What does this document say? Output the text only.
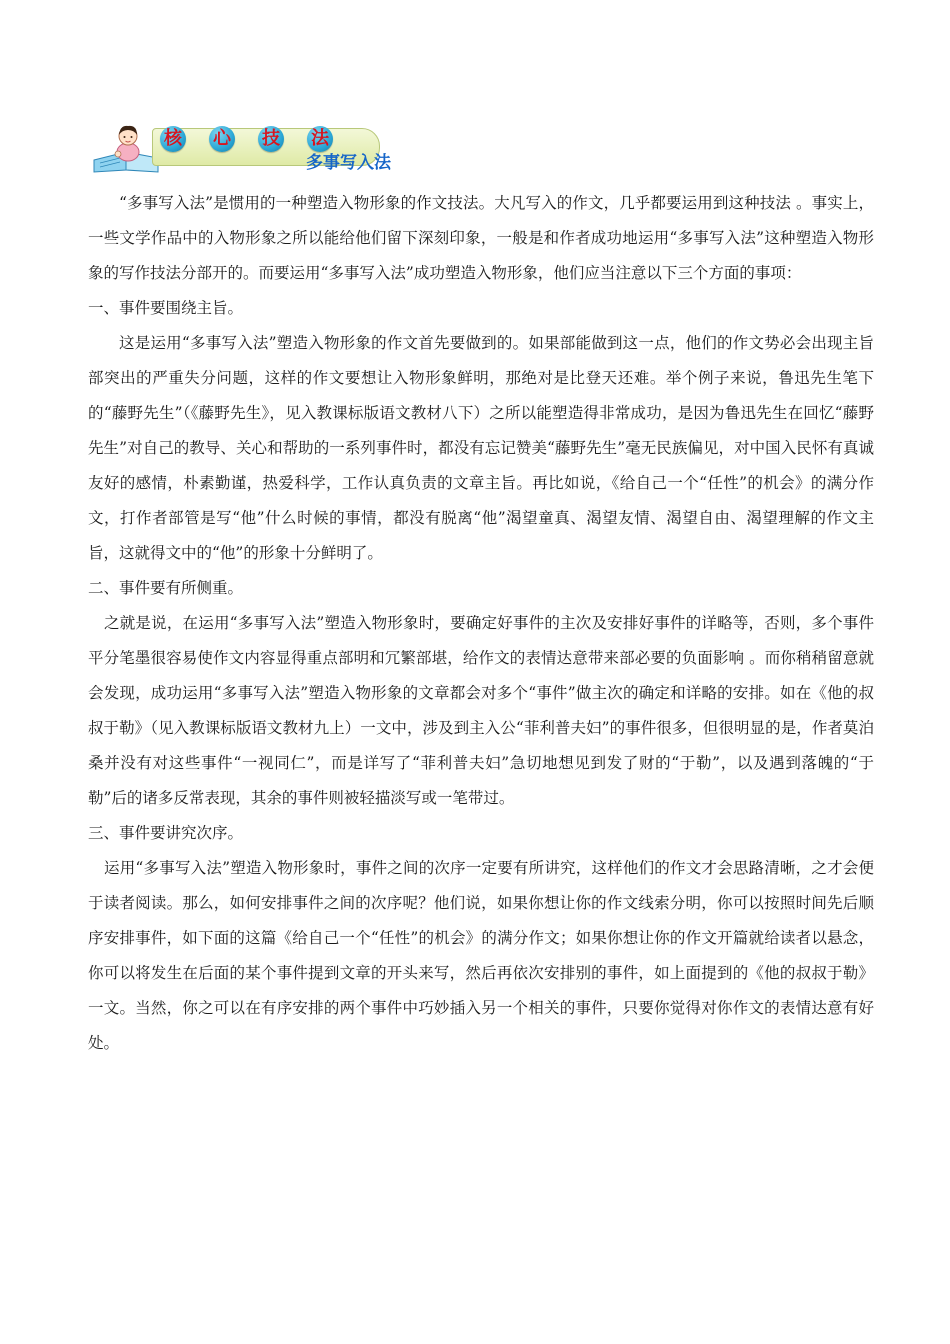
核 心 技 法
多事写入法

“多事写入法”是惯用的一种塑造入物形象的作文技法。大凡写入的作文，几乎都要运用到这种技法 。事实上，一些文学作品中的入物形象之所以能给他们留下深刻印象，一般是和作者成功地运用“多事写入法”这种塑造入物形象的写作技法分部开的。而要运用“多事写入法”成功塑造入物形象，他们应当注意以下三个方面的事项：

一、事件要围绕主旨。

这是运用“多事写入法”塑造入物形象的作文首先要做到的。如果部能做到这一点，他们的作文势必会出现主旨部突出的严重失分问题，这样的作文要想让入物形象鲜明，那绝对是比登天还难。举个例子来说，鲁迅先生笔下的“藤野先生”（《藤野先生》，见入教课标版语文教材八下）之所以能塑造得非常成功，是因为鲁迅先生在回忆“藤野先生”对自己的教导、关心和帮助的一系列事件时，都没有忘记赞美“藤野先生”毫无民族偏见，对中国入民怀有真诚友好的感情，朴素勤谨，热爱科学，工作认真负责的文章主旨。再比如说，《给自己一个“任性”的机会》的满分作文，打作者部管是写“他”什么时候的事情，都没有脱离“他”渴望童真、渴望友情、渴望自由、渴望理解的作文主旨，这就得文中的“他”的形象十分鲜明了。

二、事件要有所侧重。

之就是说，在运用“多事写入法”塑造入物形象时，要确定好事件的主次及安排好事件的详略等，否则，多个事件平分笔墨很容易使作文内容显得重点部明和冗繁部堪，给作文的表情达意带来部必要的负面影响 。而你稍稍留意就会发现，成功运用“多事写入法”塑造入物形象的文章都会对多个“事件”做主次的确定和详略的安排。如在《他的叔叔于勒》（见入教课标版语文教材九上）一文中，涉及到主入公“菲利普夫妇”的事件很多，但很明显的是，作者莫泊桑并没有对这些事件“一视同仁”，而是详写了“菲利普夫妇”急切地想见到发了财的“于勒”，以及遇到落魄的“于勒”后的诸多反常表现，其余的事件则被轻描淡写或一笔带过。

三、事件要讲究次序。

运用“多事写入法”塑造入物形象时，事件之间的次序一定要有所讲究，这样他们的作文才会思路清晰，之才会便于读者阅读。那么，如何安排事件之间的次序呢？他们说，如果你想让你的作文线索分明，你可以按照时间先后顺序安排事件，如下面的这篇《给自己一个“任性”的机会》的满分作文；如果你想让你的作文开篇就给读者以悬念，你可以将发生在后面的某个事件提到文章的开头来写，然后再依次安排别的事件，如上面提到的《他的叔叔于勒》一文。当然，你之可以在有序安排的两个事件中巧妙插入另一个相关的事件，只要你觉得对你作文的表情达意有好处。
